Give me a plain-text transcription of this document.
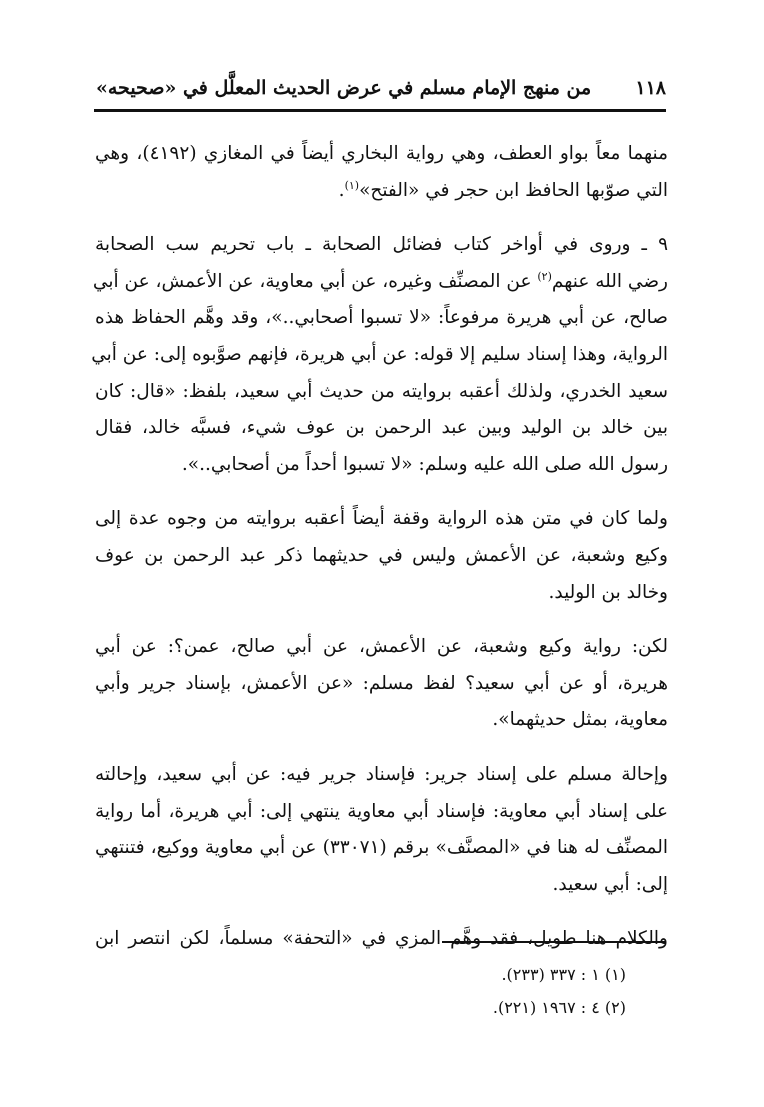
١١٨
من منهج الإمام مسلم في عرض الحديث المعلَّل في «صحيحه»

منهما معاً بواو العطف، وهي رواية البخاري أيضاً في المغازي (٤١٩٢)، وهي
التي صوّبها الحافظ ابن حجر في «الفتح»$^{(١)}$.

٩ ـ وروى في أواخر كتاب فضائل الصحابة ـ باب تحريم سب الصحابة
رضي الله عنهم$^{(٢)}$ عن المصنِّف وغيره، عن أبي معاوية، عن الأعمش، عن أبي
صالح، عن أبي هريرة مرفوعاً: «لا تسبوا أصحابي..»، وقد وهَّم الحفاظ هذه
الرواية، وهذا إسناد سليم إلا قوله: عن أبي هريرة، فإنهم صوَّبوه إلى: عن أبي
سعيد الخدري، ولذلك أعقبه بروايته من حديث أبي سعيد، بلفظ: «قال: كان
بين خالد بن الوليد وبين عبد الرحمن بن عوف شيء، فسبَّه خالد، فقال
رسول الله صلى الله عليه وسلم: «لا تسبوا أحداً من أصحابي..».

ولما كان في متن هذه الرواية وقفة أيضاً أعقبه بروايته من وجوه عدة إلى
وكيع وشعبة، عن الأعمش وليس في حديثهما ذكر عبد الرحمن بن عوف
وخالد بن الوليد.

لكن: رواية وكيع وشعبة، عن الأعمش، عن أبي صالح، عمن؟: عن أبي
هريرة، أو عن أبي سعيد؟ لفظ مسلم: «عن الأعمش، بإسناد جرير وأبي
معاوية، بمثل حديثهما».

وإحالة مسلم على إسناد جرير: فإسناد جرير فيه: عن أبي سعيد، وإحالته
على إسناد أبي معاوية: فإسناد أبي معاوية ينتهي إلى: أبي هريرة، أما رواية
المصنِّف له هنا في «المصنَّف» برقم (٣٣٠٧١) عن أبي معاوية ووكيع، فتنتهي
إلى: أبي سعيد.

والكلام هنا طويل، فقد وهَّم المزي في «التحفة» مسلماً، لكن انتصر ابن

(١) ١ : ٣٣٧ (٢٣٣).
(٢) ٤ : ١٩٦٧ (٢٢١).
